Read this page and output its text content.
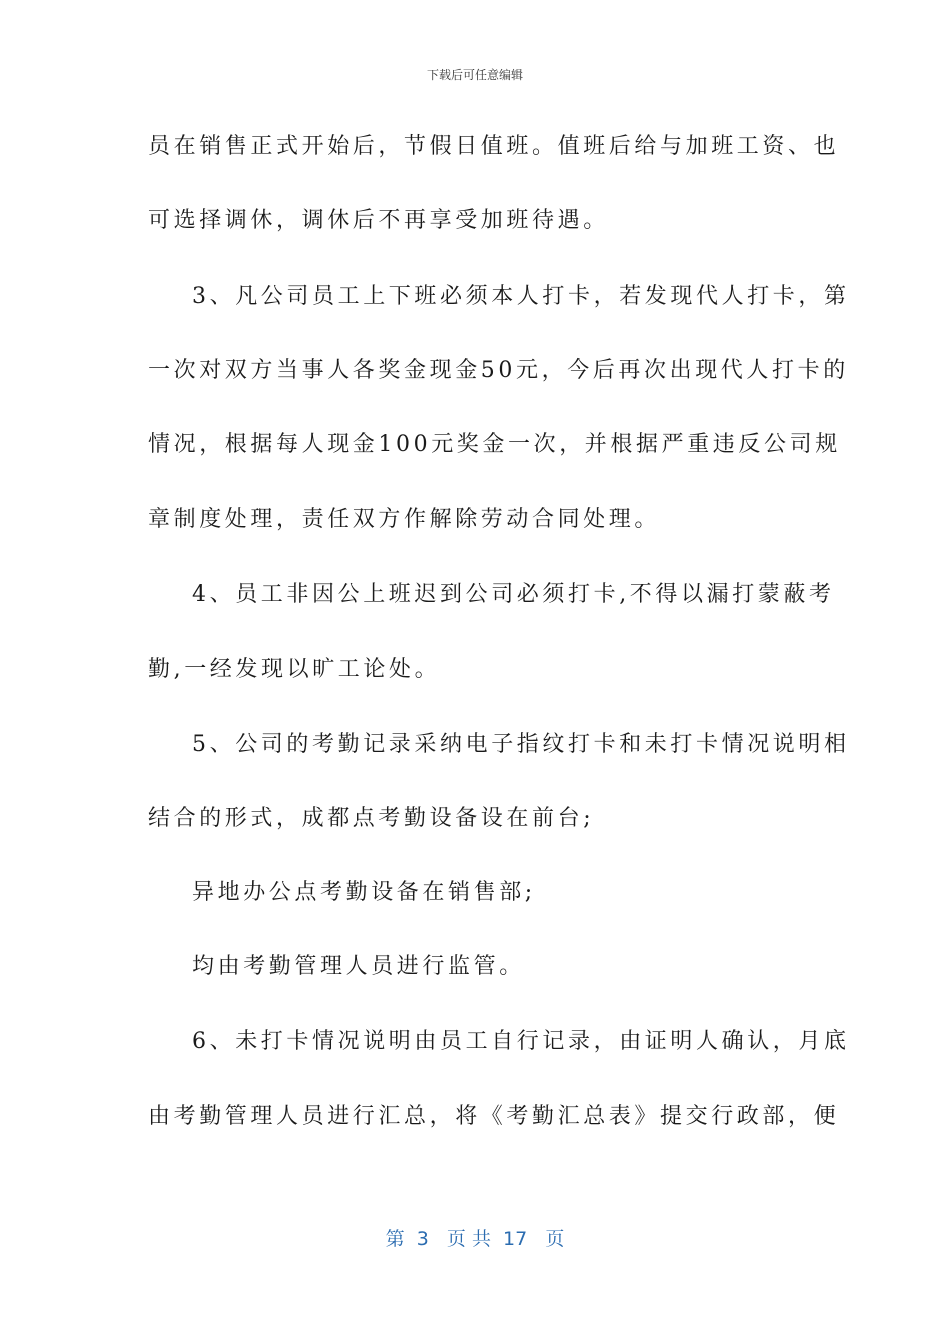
下载后可任意编辑
员在销售正式开始后，节假日值班。值班后给与加班工资、也
可选择调休，调休后不再享受加班待遇。
3、凡公司员工上下班必须本人打卡，若发现代人打卡，第
一次对双方当事人各奖金现金50元，今后再次出现代人打卡的
情况，根据每人现金100元奖金一次，并根据严重违反公司规
章制度处理，责任双方作解除劳动合同处理。
4、员工非因公上班迟到公司必须打卡,不得以漏打蒙蔽考
勤,一经发现以旷工论处。
5、公司的考勤记录采纳电子指纹打卡和未打卡情况说明相
结合的形式，成都点考勤设备设在前台;
异地办公点考勤设备在销售部;
均由考勤管理人员进行监管。
6、未打卡情况说明由员工自行记录，由证明人确认，月底
由考勤管理人员进行汇总，将《考勤汇总表》提交行政部，便
第  3   页 共  17   页
